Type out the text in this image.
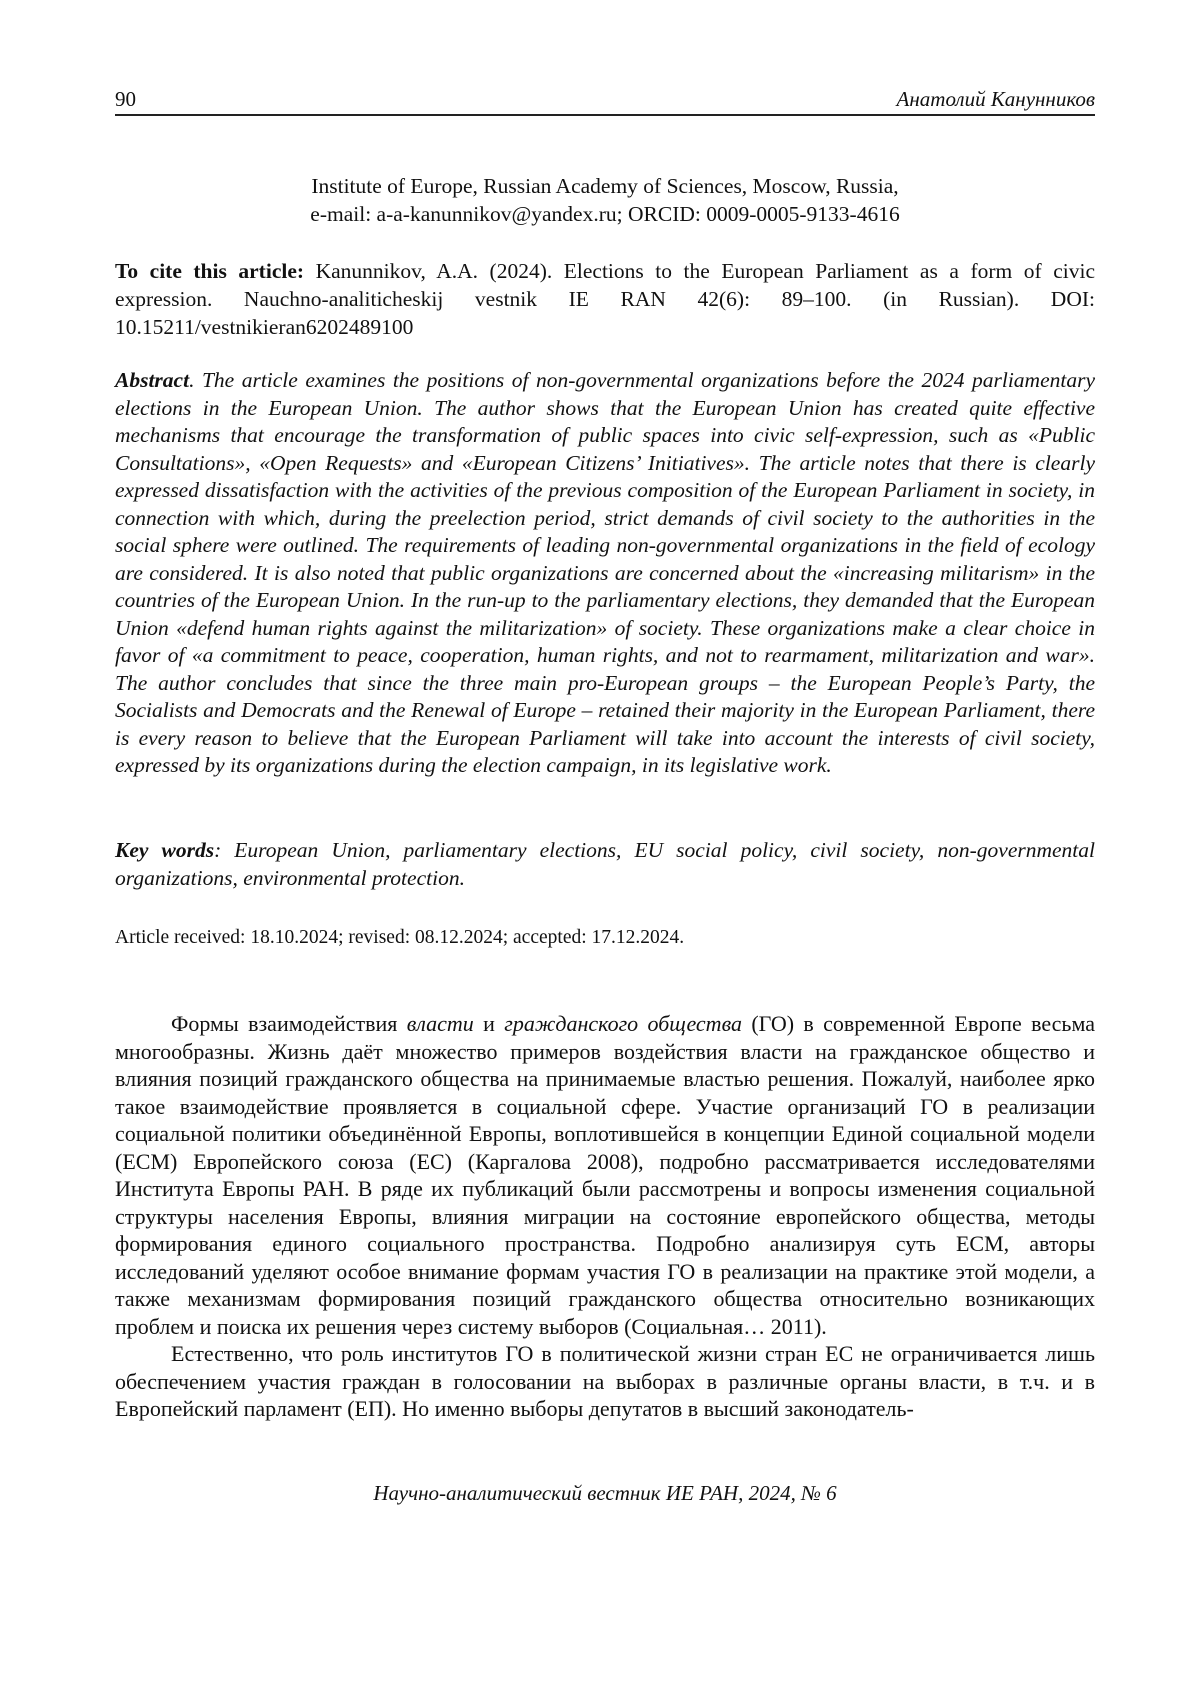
90	Анатолий Канунников
Institute of Europe, Russian Academy of Sciences, Moscow, Russia,
e-mail: a-a-kanunnikov@yandex.ru; ORCID: 0009-0005-9133-4616
To cite this article: Kanunnikov, A.A. (2024). Elections to the European Parliament as a form of civic expression. Nauchno-analiticheskij vestnik IE RAN 42(6): 89–100. (in Russian). DOI: 10.15211/vestnikieran6202489100
Abstract. The article examines the positions of non-governmental organizations before the 2024 parliamentary elections in the European Union. The author shows that the European Union has created quite effective mechanisms that encourage the transformation of public spaces into civic self-expression, such as «Public Consultations», «Open Requests» and «European Citizens’ Initiatives». The article notes that there is clearly expressed dissatisfaction with the activities of the previous composition of the European Parliament in society, in connection with which, during the preelection period, strict demands of civil society to the authorities in the social sphere were outlined. The requirements of leading non-governmental organizations in the field of ecology are considered. It is also noted that public organizations are concerned about the «increasing militarism» in the countries of the European Union. In the run-up to the parliamentary elections, they demanded that the European Union «defend human rights against the militarization» of society. These organizations make a clear choice in favor of «a commitment to peace, cooperation, human rights, and not to rearmament, militarization and war». The author concludes that since the three main pro-European groups – the European People’s Party, the Socialists and Democrats and the Renewal of Europe – retained their majority in the European Parliament, there is every reason to believe that the European Parliament will take into account the interests of civil society, expressed by its organizations during the election campaign, in its legislative work.
Key words: European Union, parliamentary elections, EU social policy, civil society, non-governmental organizations, environmental protection.
Article received: 18.10.2024; revised: 08.12.2024; accepted: 17.12.2024.

Формы взаимодействия власти и гражданского общества (ГО) в современной Европе весьма многообразны. Жизнь даёт множество примеров воздействия власти на гражданское общество и влияния позиций гражданского общества на принимаемые властью решения. Пожалуй, наиболее ярко такое взаимодействие проявляется в социальной сфере. Участие организаций ГО в реализации социальной политики объединённой Европы, воплотившейся в концепции Единой социальной модели (ЕСМ) Европейского союза (ЕС) (Каргалова 2008), подробно рассматривается исследователями Института Европы РАН. В ряде их публикаций были рассмотрены и вопросы изменения социальной структуры населения Европы, влияния миграции на состояние европейского общества, методы формирования единого социального пространства. Подробно анализируя суть ЕСМ, авторы исследований уделяют особое внимание формам участия ГО в реализации на практике этой модели, а также механизмам формирования позиций гражданского общества относительно возникающих проблем и поиска их решения через систему выборов (Социальная… 2011).

Естественно, что роль институтов ГО в политической жизни стран ЕС не ограничивается лишь обеспечением участия граждан в голосовании на выборах в различные органы власти, в т.ч. и в Европейский парламент (ЕП). Но именно выборы депутатов в высший законодатель-

Научно-аналитический вестник ИЕ РАН, 2024, № 6
